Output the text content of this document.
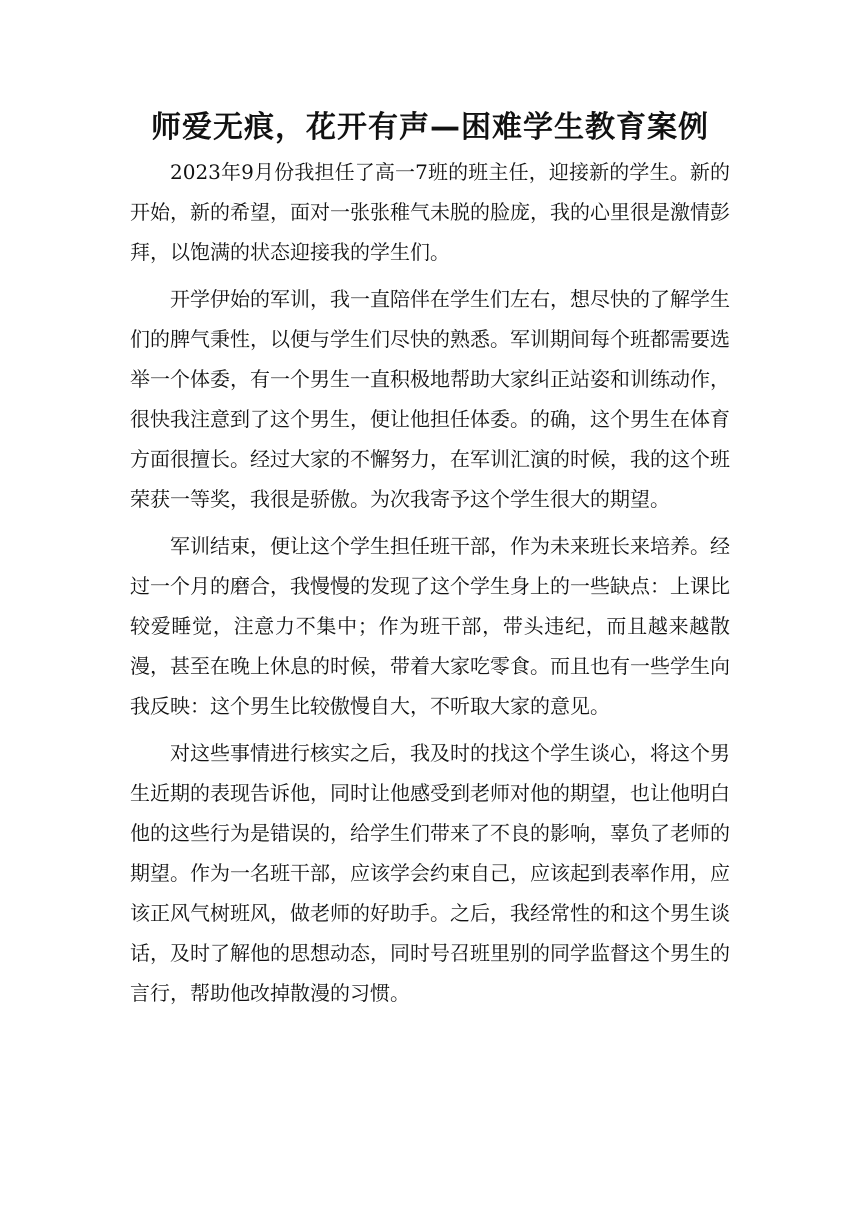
师爱无痕，花开有声—困难学生教育案例

2023年9月份我担任了高一7班的班主任，迎接新的学生。新的开始，新的希望，面对一张张稚气未脱的脸庞，我的心里很是激情彭拜，以饱满的状态迎接我的学生们。

开学伊始的军训，我一直陪伴在学生们左右，想尽快的了解学生们的脾气秉性，以便与学生们尽快的熟悉。军训期间每个班都需要选举一个体委，有一个男生一直积极地帮助大家纠正站姿和训练动作，很快我注意到了这个男生，便让他担任体委。的确，这个男生在体育方面很擅长。经过大家的不懈努力，在军训汇演的时候，我的这个班荣获一等奖，我很是骄傲。为次我寄予这个学生很大的期望。

军训结束，便让这个学生担任班干部，作为未来班长来培养。经过一个月的磨合，我慢慢的发现了这个学生身上的一些缺点：上课比较爱睡觉，注意力不集中；作为班干部，带头违纪，而且越来越散漫，甚至在晚上休息的时候，带着大家吃零食。而且也有一些学生向我反映：这个男生比较傲慢自大，不听取大家的意见。

对这些事情进行核实之后，我及时的找这个学生谈心，将这个男生近期的表现告诉他，同时让他感受到老师对他的期望，也让他明白他的这些行为是错误的，给学生们带来了不良的影响，辜负了老师的期望。作为一名班干部，应该学会约束自己，应该起到表率作用，应该正风气树班风，做老师的好助手。之后，我经常性的和这个男生谈话，及时了解他的思想动态，同时号召班里别的同学监督这个男生的言行，帮助他改掉散漫的习惯。
